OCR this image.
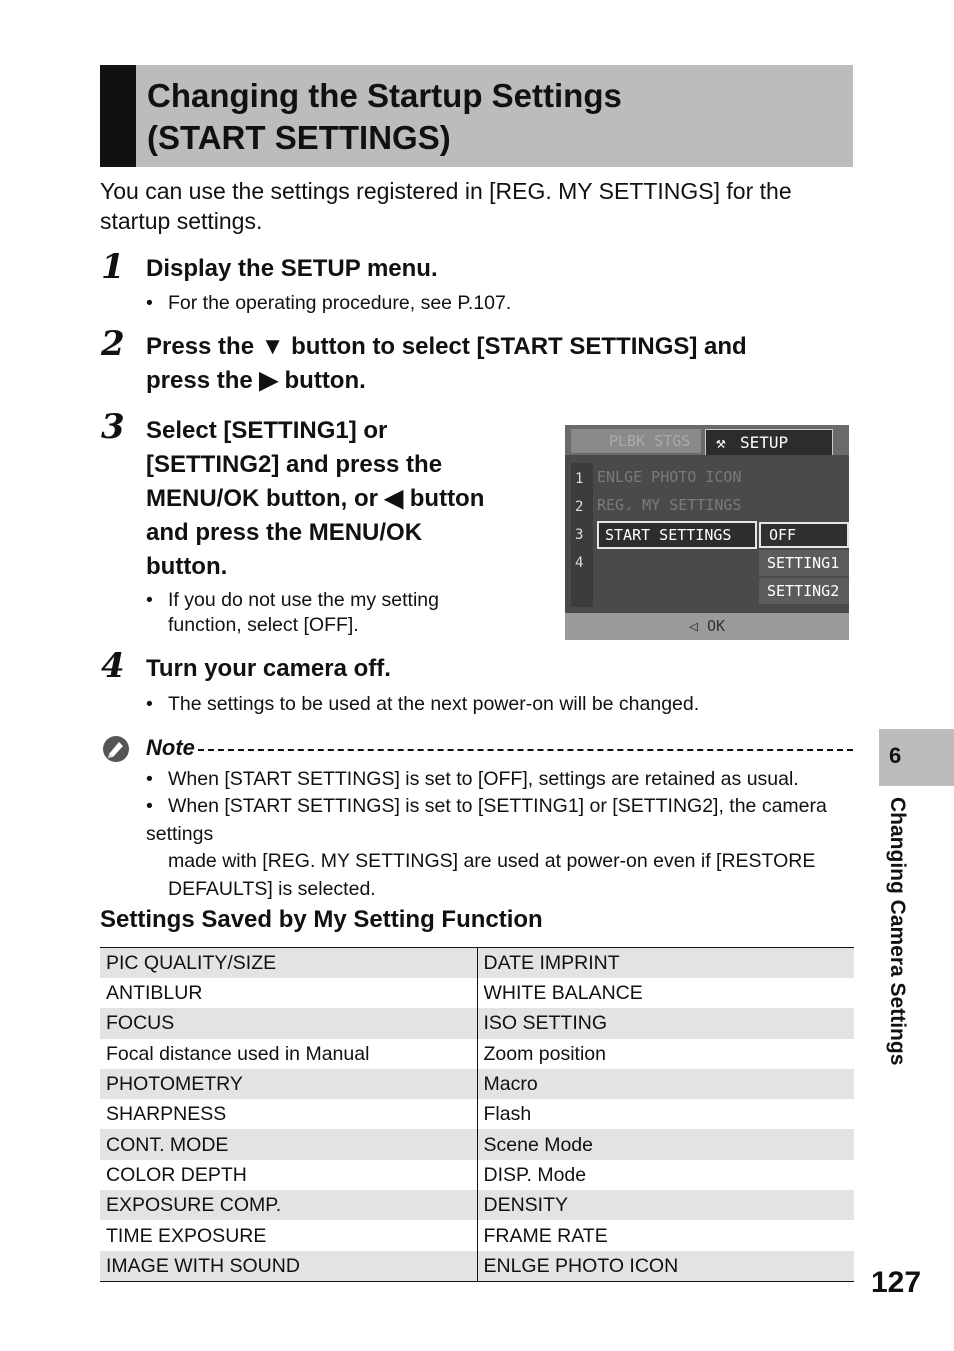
Changing the Startup Settings
(START SETTINGS)
You can use the settings registered in [REG. MY SETTINGS] for the startup settings.
1 Display the SETUP menu.
• For the operating procedure, see P.107.
2 Press the ▼ button to select [START SETTINGS] and
press the ▶ button.
3 Select [SETTING1] or
[SETTING2] and press the
MENU/OK button, or ◀ button
and press the MENU/OK
button.
• If you do not use the my setting
function, select [OFF].
PLBK STGS	⚒ SETUP
1
2
3
4
ENLGE PHOTO ICON
REG. MY SETTINGS
START SETTINGS	OFF
SETTING1
SETTING2
◁ OK
4 Turn your camera off.
• The settings to be used at the next power-on will be changed.
Note
• When [START SETTINGS] is set to [OFF], settings are retained as usual.
• When [START SETTINGS] is set to [SETTING1] or [SETTING2], the camera settings
made with [REG. MY SETTINGS] are used at power-on even if [RESTORE
DEFAULTS] is selected.
Settings Saved by My Setting Function
PIC QUALITY/SIZE	DATE IMPRINT
ANTIBLUR	WHITE BALANCE
FOCUS	ISO SETTING
Focal distance used in Manual	Zoom position
PHOTOMETRY	Macro
SHARPNESS	Flash
CONT. MODE	Scene Mode
COLOR DEPTH	DISP. Mode
EXPOSURE COMP.	DENSITY
TIME EXPOSURE	FRAME RATE
IMAGE WITH SOUND	ENLGE PHOTO ICON
6
Changing Camera Settings
127
